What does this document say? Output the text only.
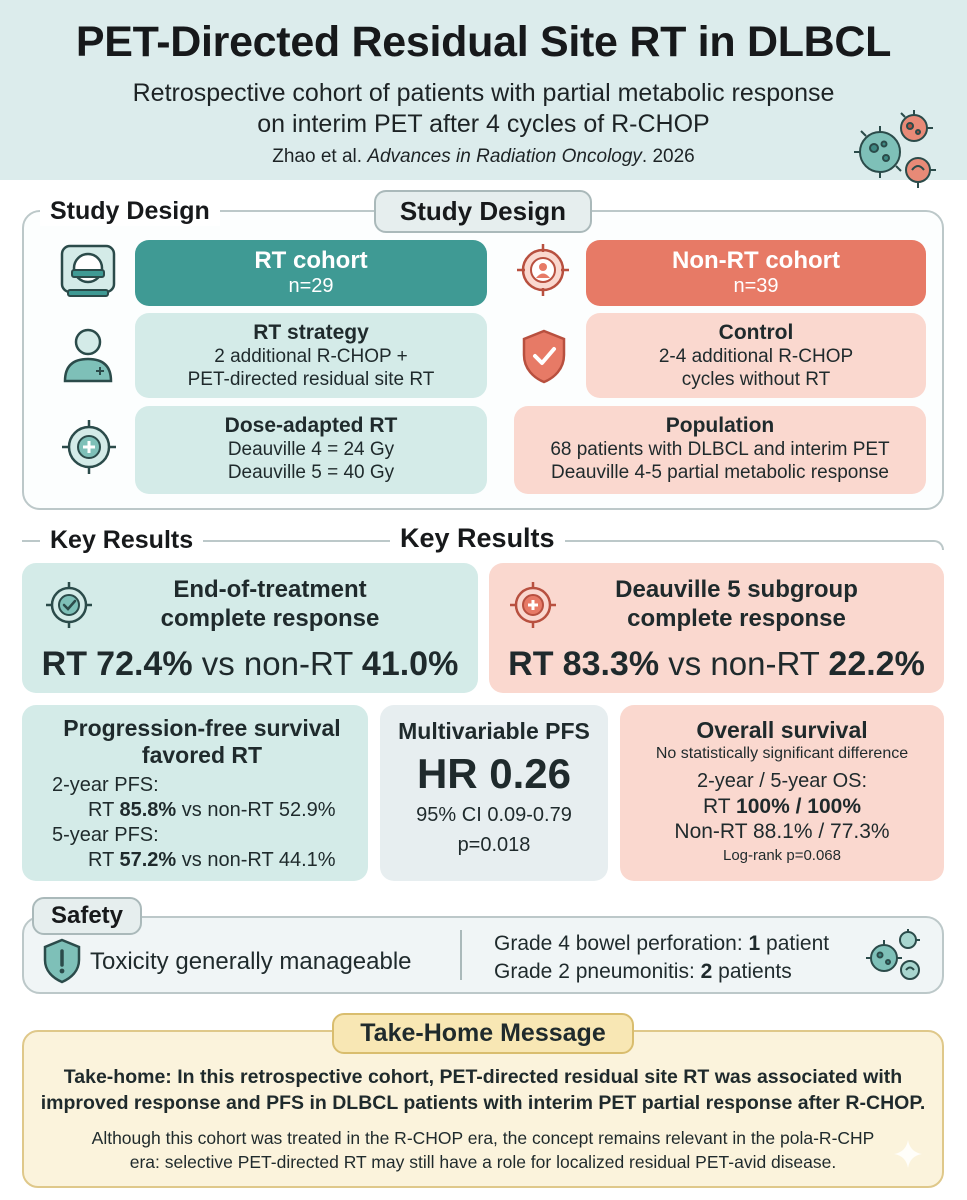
PET-Directed Residual Site RT in DLBCL
Retrospective cohort of patients with partial metabolic response
on interim PET after 4 cycles of R-CHOP
Zhao et al. Advances in Radiation Oncology. 2026
Study Design	Study Design
RT cohort
n=29
Non-RT cohort
n=39
RT strategy
2 additional R-CHOP +
PET-directed residual site RT
Control
2-4 additional R-CHOP
cycles without RT
Dose-adapted RT
Deauville 4 = 24 Gy
Deauville 5 = 40 Gy
Population
68 patients with DLBCL and interim PET
Deauville 4-5 partial metabolic response
Key Results	Key Results
End-of-treatment
complete response
RT 72.4% vs non-RT 41.0%
Deauville 5 subgroup
complete response
RT 83.3% vs non-RT 22.2%
Progression-free survival
favored RT
2-year PFS:
RT 85.8% vs non-RT 52.9%
5-year PFS:
RT 57.2% vs non-RT 44.1%
Multivariable PFS
HR 0.26
95% CI 0.09-0.79
p=0.018
Overall survival
No statistically significant difference
2-year / 5-year OS:
RT 100% / 100%
Non-RT 88.1% / 77.3%
Log-rank p=0.068
Safety
Toxicity generally manageable
Grade 4 bowel perforation: 1 patient
Grade 2 pneumonitis: 2 patients
Take-Home Message
Take-home: In this retrospective cohort, PET-directed residual site RT was associated with
improved response and PFS in DLBCL patients with interim PET partial response after R-CHOP.
Although this cohort was treated in the R-CHOP era, the concept remains relevant in the pola-R-CHP
era: selective PET-directed RT may still have a role for localized residual PET-avid disease.
